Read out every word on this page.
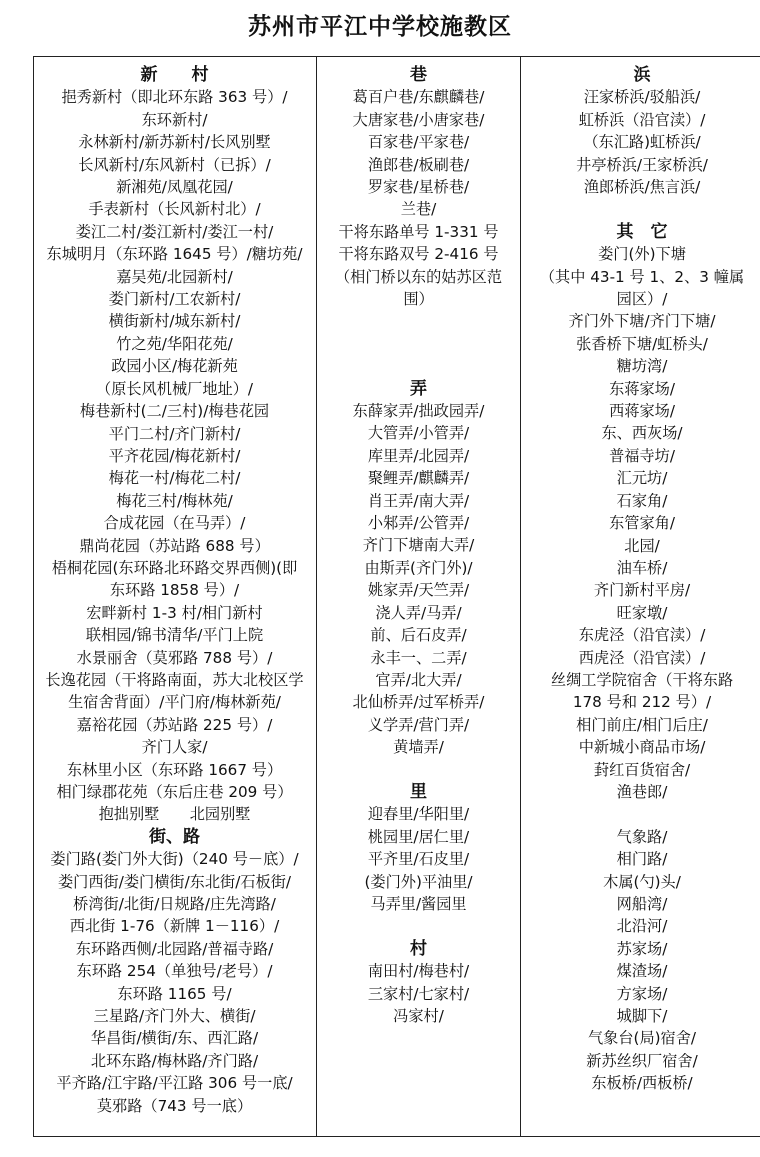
苏州市平江中学校施教区
新　　村
挹秀新村（即北环东路 363 号）/
东环新村/
永林新村/新苏新村/长风别墅
长风新村/东风新村（已拆）/
新湘苑/凤凰花园/
手表新村（长风新村北）/
娄江二村/娄江新村/娄江一村/
东城明月（东环路 1645 号）/糖坊苑/
嘉吴苑/北园新村/
娄门新村/工农新村/
横街新村/城东新村/
竹之苑/华阳花苑/
政园小区/梅花新苑
（原长风机械厂地址）/
梅巷新村(二/三村)/梅巷花园
平门二村/齐门新村/
平齐花园/梅花新村/
梅花一村/梅花二村/
梅花三村/梅林苑/
合成花园（在马弄）/
鼎尚花园（苏站路 688 号）
梧桐花园(东环路北环路交界西侧)(即
东环路 1858 号）/
宏畔新村 1-3 村/相门新村
联相园/锦书清华/平门上院
水景丽舍（莫邪路 788 号）/
长逸花园（干将路南面，苏大北校区学
生宿舍背面）/平门府/梅林新苑/
嘉裕花园（苏站路 225 号）/
齐门人家/
东林里小区（东环路 1667 号）
相门绿郡花苑（东后庄巷 209 号）
抱拙别墅　　北园别墅
街、路
娄门路(娄门外大街)（240 号－底）/
娄门西街/娄门横街/东北街/石板街/
桥湾街/北街/日规路/庄先湾路/
西北街 1-76（新牌 1－116）/
东环路西侧/北园路/普福寺路/
东环路 254（单独号/老号）/
东环路 1165 号/
三星路/齐门外大、横街/
华昌街/横街/东、西汇路/
北环东路/梅林路/齐门路/
平齐路/江宇路/平江路 306 号一底/
莫邪路（743 号一底）
巷
葛百户巷/东麒麟巷/
大唐家巷/小唐家巷/
百家巷/平家巷/
渔郎巷/板刷巷/
罗家巷/星桥巷/
兰巷/
干将东路单号 1-331 号
干将东路双号 2-416 号
（相门桥以东的姑苏区范
围）
弄
东薛家弄/拙政园弄/
大管弄/小管弄/
库里弄/北园弄/
聚鲤弄/麒麟弄/
肖王弄/南大弄/
小邾弄/公管弄/
齐门下塘南大弄/
由斯弄(齐门外)/
姚家弄/天竺弄/
浇人弄/马弄/
前、后石皮弄/
永丰一、二弄/
官弄/北大弄/
北仙桥弄/过军桥弄/
义学弄/营门弄/
黄墙弄/
里
迎春里/华阳里/
桃园里/居仁里/
平齐里/石皮里/
(娄门外)平油里/
马弄里/酱园里
村
南田村/梅巷村/
三家村/七家村/
冯家村/
浜
汪家桥浜/驳船浜/
虹桥浜（沿官渎）/
（东汇路)虹桥浜/
井亭桥浜/王家桥浜/
渔郎桥浜/焦言浜/
其　它
娄门(外)下塘
（其中 43-1 号 1、2、3 幢属
园区）/
齐门外下塘/齐门下塘/
张香桥下塘/虹桥头/
糖坊湾/
东蒋家场/
西蒋家场/
东、西灰场/
普福寺坊/
汇元坊/
石家角/
东管家角/
北园/
油车桥/
齐门新村平房/
旺家墩/
东虎泾（沿官渎）/
西虎泾（沿官渎）/
丝绸工学院宿舍（干将东路
178 号和 212 号）/
相门前庄/相门后庄/
中新城小商品市场/
葑红百货宿舍/
渔巷郎/

气象路/
相门路/
木属(勺)头/
网船湾/
北沿河/
苏家场/
煤渣场/
方家场/
城脚下/
气象台(局)宿舍/
新苏丝织厂宿舍/
东板桥/西板桥/
